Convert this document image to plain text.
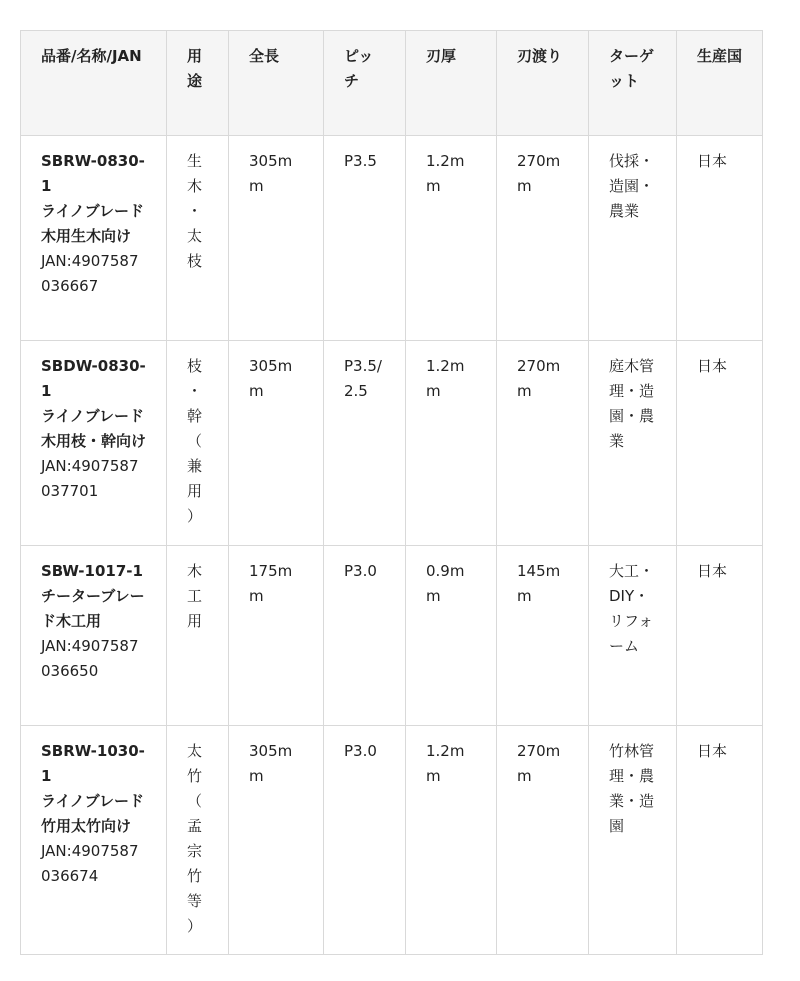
品番/名称/JAN	用途	全長	ピッチ	刃厚	刃渡り	ターゲット	生産国

SBRW-0830-1
ライノブレード木用生木向け
JAN:4907587036667	生木・太枝	305mm	P3.5	1.2mm	270mm	伐採・造園・農業	日本

SBDW-0830-1
ライノブレード木用枝・幹向け
JAN:4907587037701	枝・幹（兼用）	305mm	P3.5/2.5	1.2mm	270mm	庭木管理・造園・農業	日本

SBW-1017-1
チーターブレード木工用
JAN:4907587036650	木工用	175mm	P3.0	0.9mm	145mm	大工・DIY・リフォーム	日本

SBRW-1030-1
ライノブレード竹用太竹向け
JAN:4907587036674	太竹（孟宗竹等）	305mm	P3.0	1.2mm	270mm	竹林管理・農業・造園	日本
